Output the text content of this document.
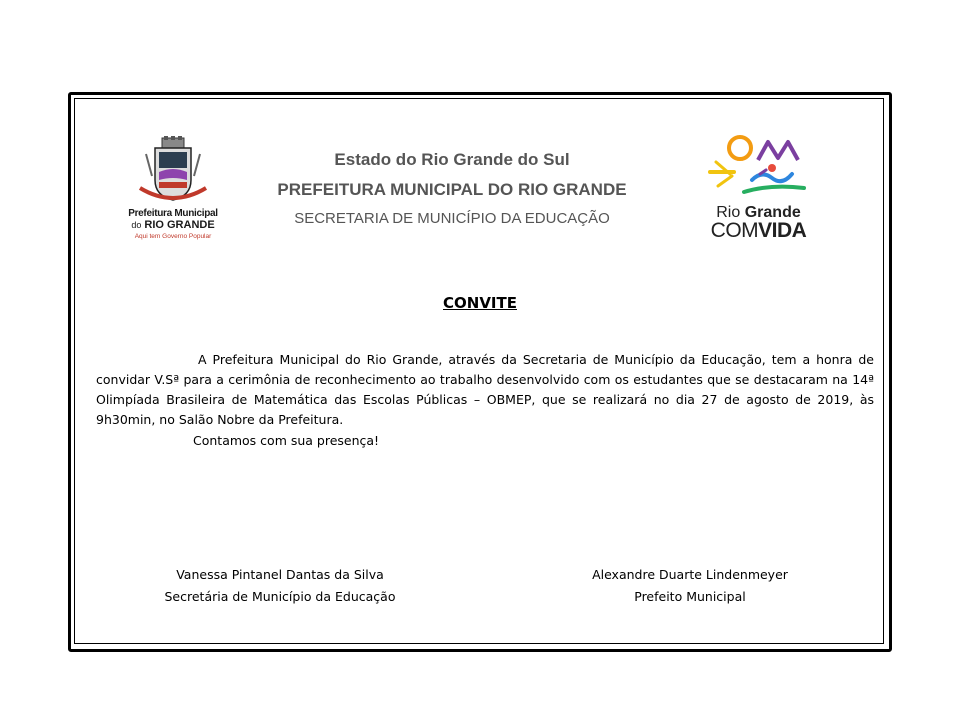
Prefeitura Municipal
do RIO GRANDE
Aqui tem Governo Popular
Estado do Rio Grande do Sul
PREFEITURA MUNICIPAL DO RIO GRANDE
SECRETARIA DE MUNICÍPIO DA EDUCAÇÃO	Rio Grande
COMVIDA
CONVITE
A Prefeitura Municipal do Rio Grande, através da Secretaria de Município da Educação, tem a honra de convidar V.Sª para a cerimônia de reconhecimento ao trabalho desenvolvido com os estudantes que se destacaram na 14ª Olimpíada Brasileira de Matemática das Escolas Públicas – OBMEP, que se realizará no dia 27 de agosto de 2019, às 9h30min, no Salão Nobre da Prefeitura.
Contamos com sua presença!
Vanessa Pintanel Dantas da Silva
Secretária de Município da Educação
Alexandre Duarte Lindenmeyer
Prefeito Municipal
